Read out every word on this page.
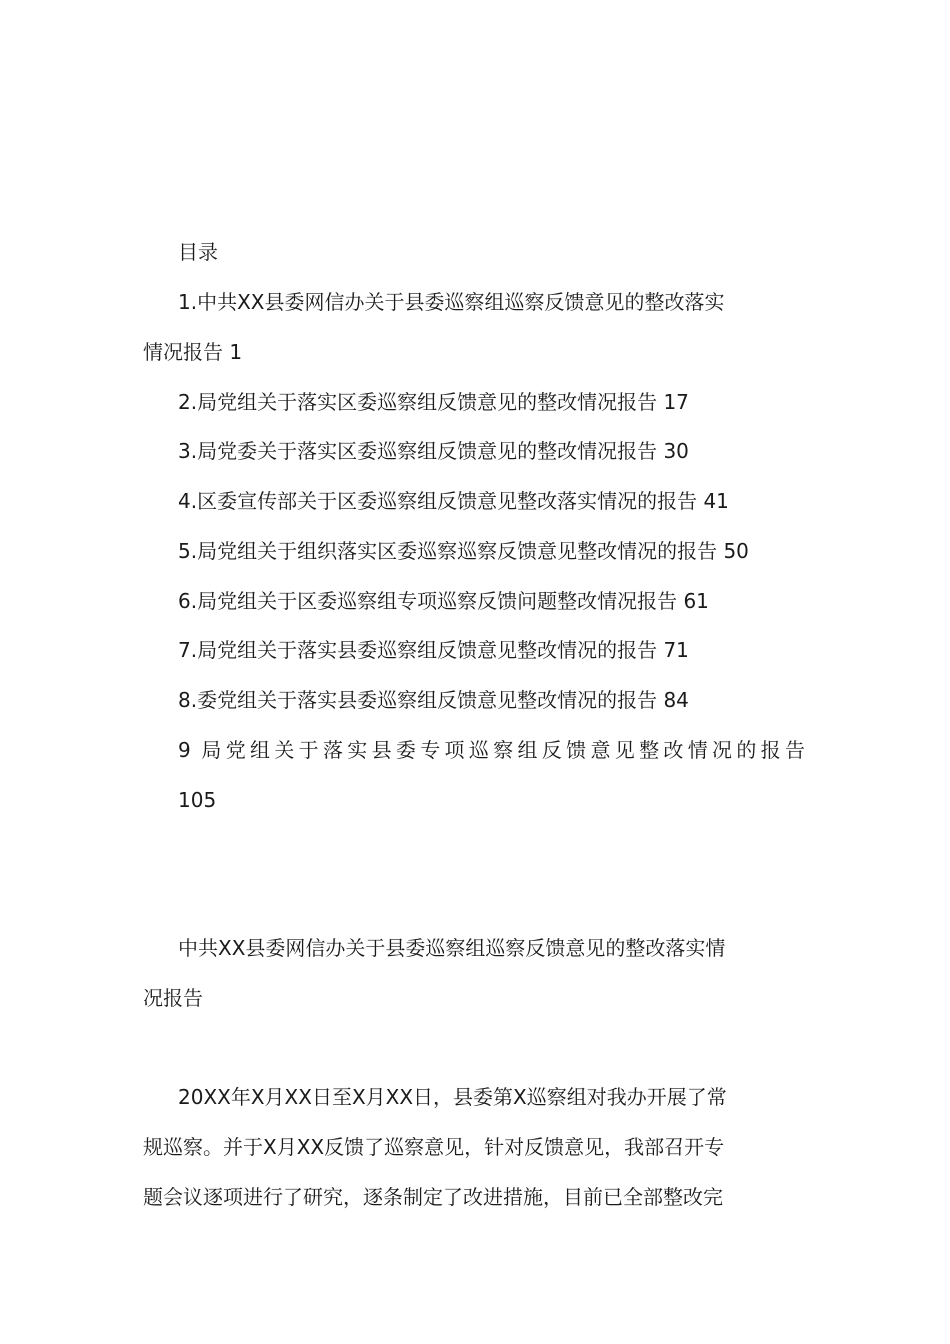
目录
1.中共XX县委网信办关于县委巡察组巡察反馈意见的整改落实
情况报告 1
2.局党组关于落实区委巡察组反馈意见的整改情况报告 17
3.局党委关于落实区委巡察组反馈意见的整改情况报告 30
4.区委宣传部关于区委巡察组反馈意见整改落实情况的报告 41
5.局党组关于组织落实区委巡察巡察反馈意见整改情况的报告 50
6.局党组关于区委巡察组专项巡察反馈问题整改情况报告 61
7.局党组关于落实县委巡察组反馈意见整改情况的报告 71
8.委党组关于落实县委巡察组反馈意见整改情况的报告 84
9 局党组关于落实县委专项巡察组反馈意见整改情况的报告
105
中共XX县委网信办关于县委巡察组巡察反馈意见的整改落实情
况报告
20XX年X月XX日至X月XX日，县委第X巡察组对我办开展了常
规巡察。并于X月XX反馈了巡察意见，针对反馈意见，我部召开专
题会议逐项进行了研究，逐条制定了改进措施，目前已全部整改完
